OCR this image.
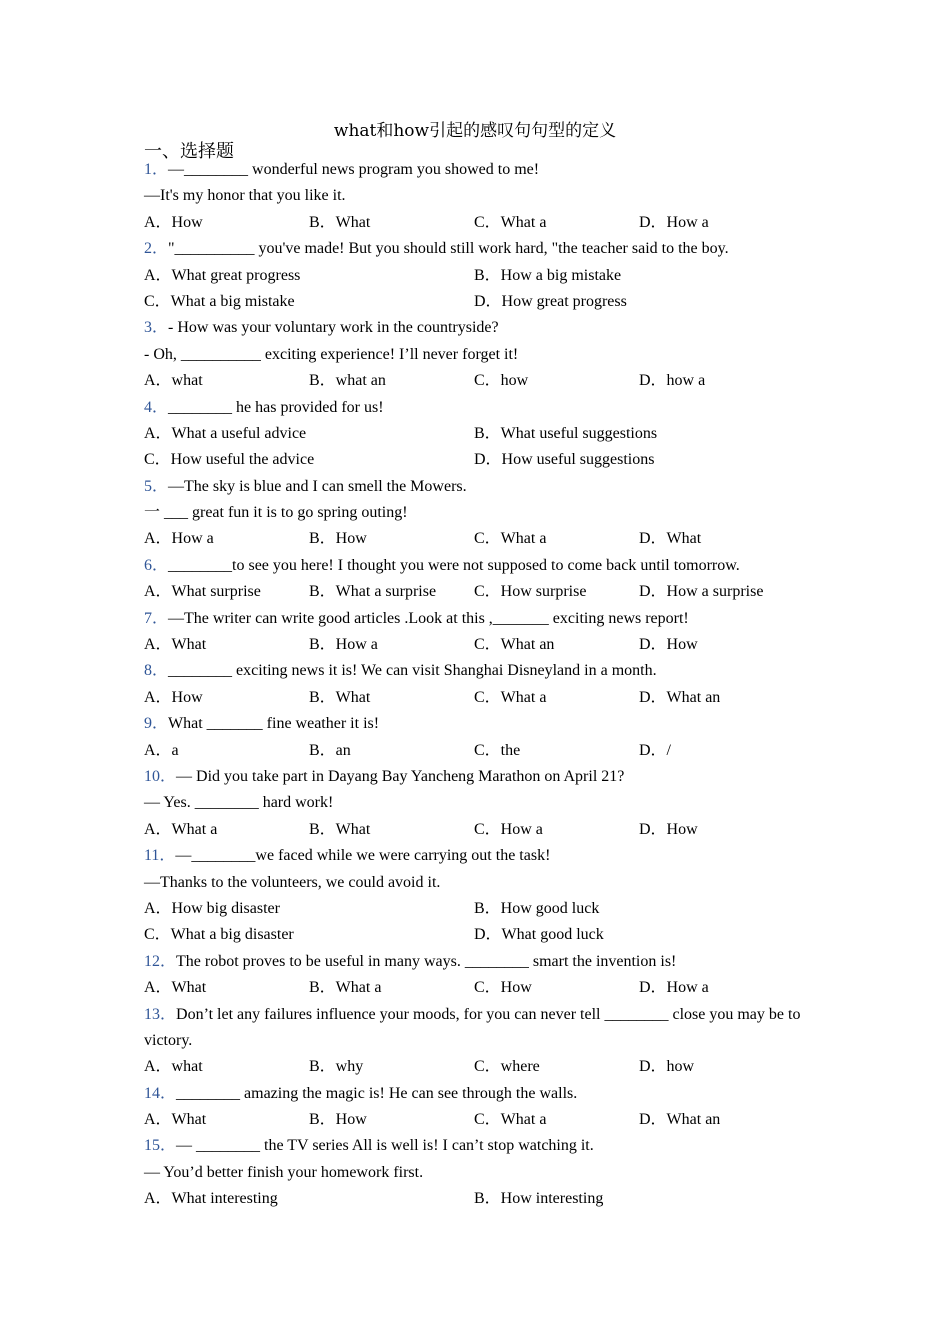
what和how引起的感叹句句型的定义
一、选择题
1．—________ wonderful news program you showed to me!
—It's my honor that you like it.
A．How	B．What	C．What a	D．How a
2．"__________ you've made! But you should still work hard, "the teacher said to the boy.
A．What great progress	B．How a big mistake
C．What a big mistake	D．How great progress
3．- How was your voluntary work in the countryside?
- Oh, __________ exciting experience! I’ll never forget it!
A．what	B．what an	C．how	D．how a
4．________ he has provided for us!
A．What a useful advice	B．What useful suggestions
C．How useful the advice	D．How useful suggestions
5．—The sky is blue and I can smell the Mowers.
一 ___ great fun it is to go spring outing!
A．How a	B．How	C．What a	D．What
6．________to see you here! I thought you were not supposed to come back until tomorrow.
A．What surprise	B．What a surprise	C．How surprise	D．How a surprise
7．—The writer can write good articles .Look at this ,_______ exciting news report!
A．What	B．How a	C．What an	D．How
8．________ exciting news it is! We can visit Shanghai Disneyland in a month.
A．How	B．What	C．What a	D．What an
9．What _______ fine weather it is!
A．a	B．an	C．the	D．/
10．— Did you take part in Dayang Bay Yancheng Marathon on April 21?
— Yes. ________ hard work!
A．What a	B．What	C．How a	D．How
11．—________we faced while we were carrying out the task!
—Thanks to the volunteers, we could avoid it.
A．How big disaster	B．How good luck
C．What a big disaster	D．What good luck
12．The robot proves to be useful in many ways. ________ smart the invention is!
A．What	B．What a	C．How	D．How a
13．Don’t let any failures influence your moods, for you can never tell ________ close you may be to victory.
A．what	B．why	C．where	D．how
14．________ amazing the magic is! He can see through the walls.
A．What	B．How	C．What a	D．What an
15．— ________ the TV series All is well is! I can’t stop watching it.
— You’d better finish your homework first.
A．What interesting	B．How interesting
